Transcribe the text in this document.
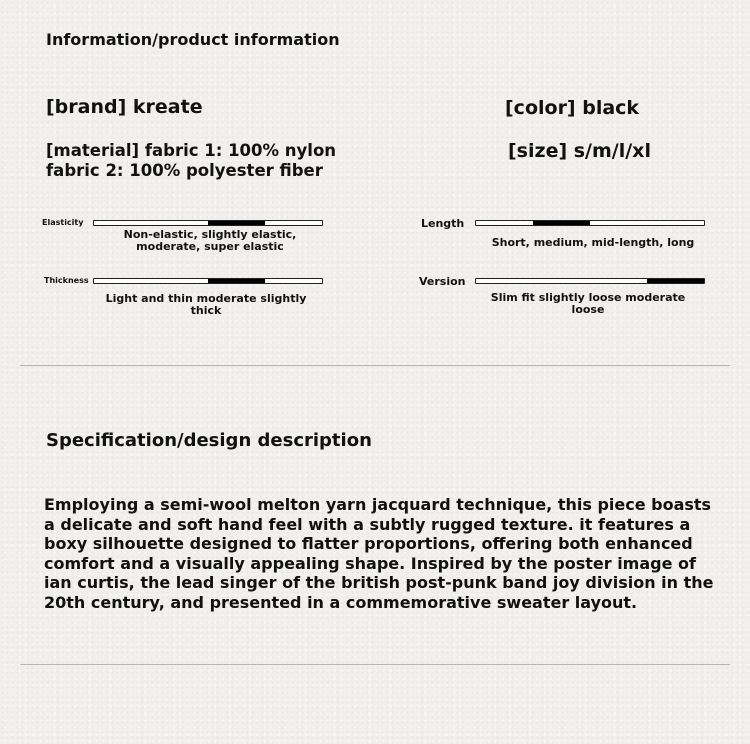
Information/product information
[brand] kreate	[color] black
[material] fabric 1: 100% nylon
fabric 2: 100% polyester fiber
[size] s/m/l/xl
Elasticity
Non-elastic, slightly elastic, moderate, super elastic
Thickness
Light and thin moderate slightly thick
Length
Short, medium, mid-length, long
Version
Slim fit slightly loose moderate loose
Specification/design description
Employing a semi-wool melton yarn jacquard technique, this piece boasts a delicate and soft hand feel with a subtly rugged texture. it features a boxy silhouette designed to flatter proportions, offering both enhanced comfort and a visually appealing shape. Inspired by the poster image of ian curtis, the lead singer of the british post-punk band joy division in the 20th century, and presented in a commemorative sweater layout.
